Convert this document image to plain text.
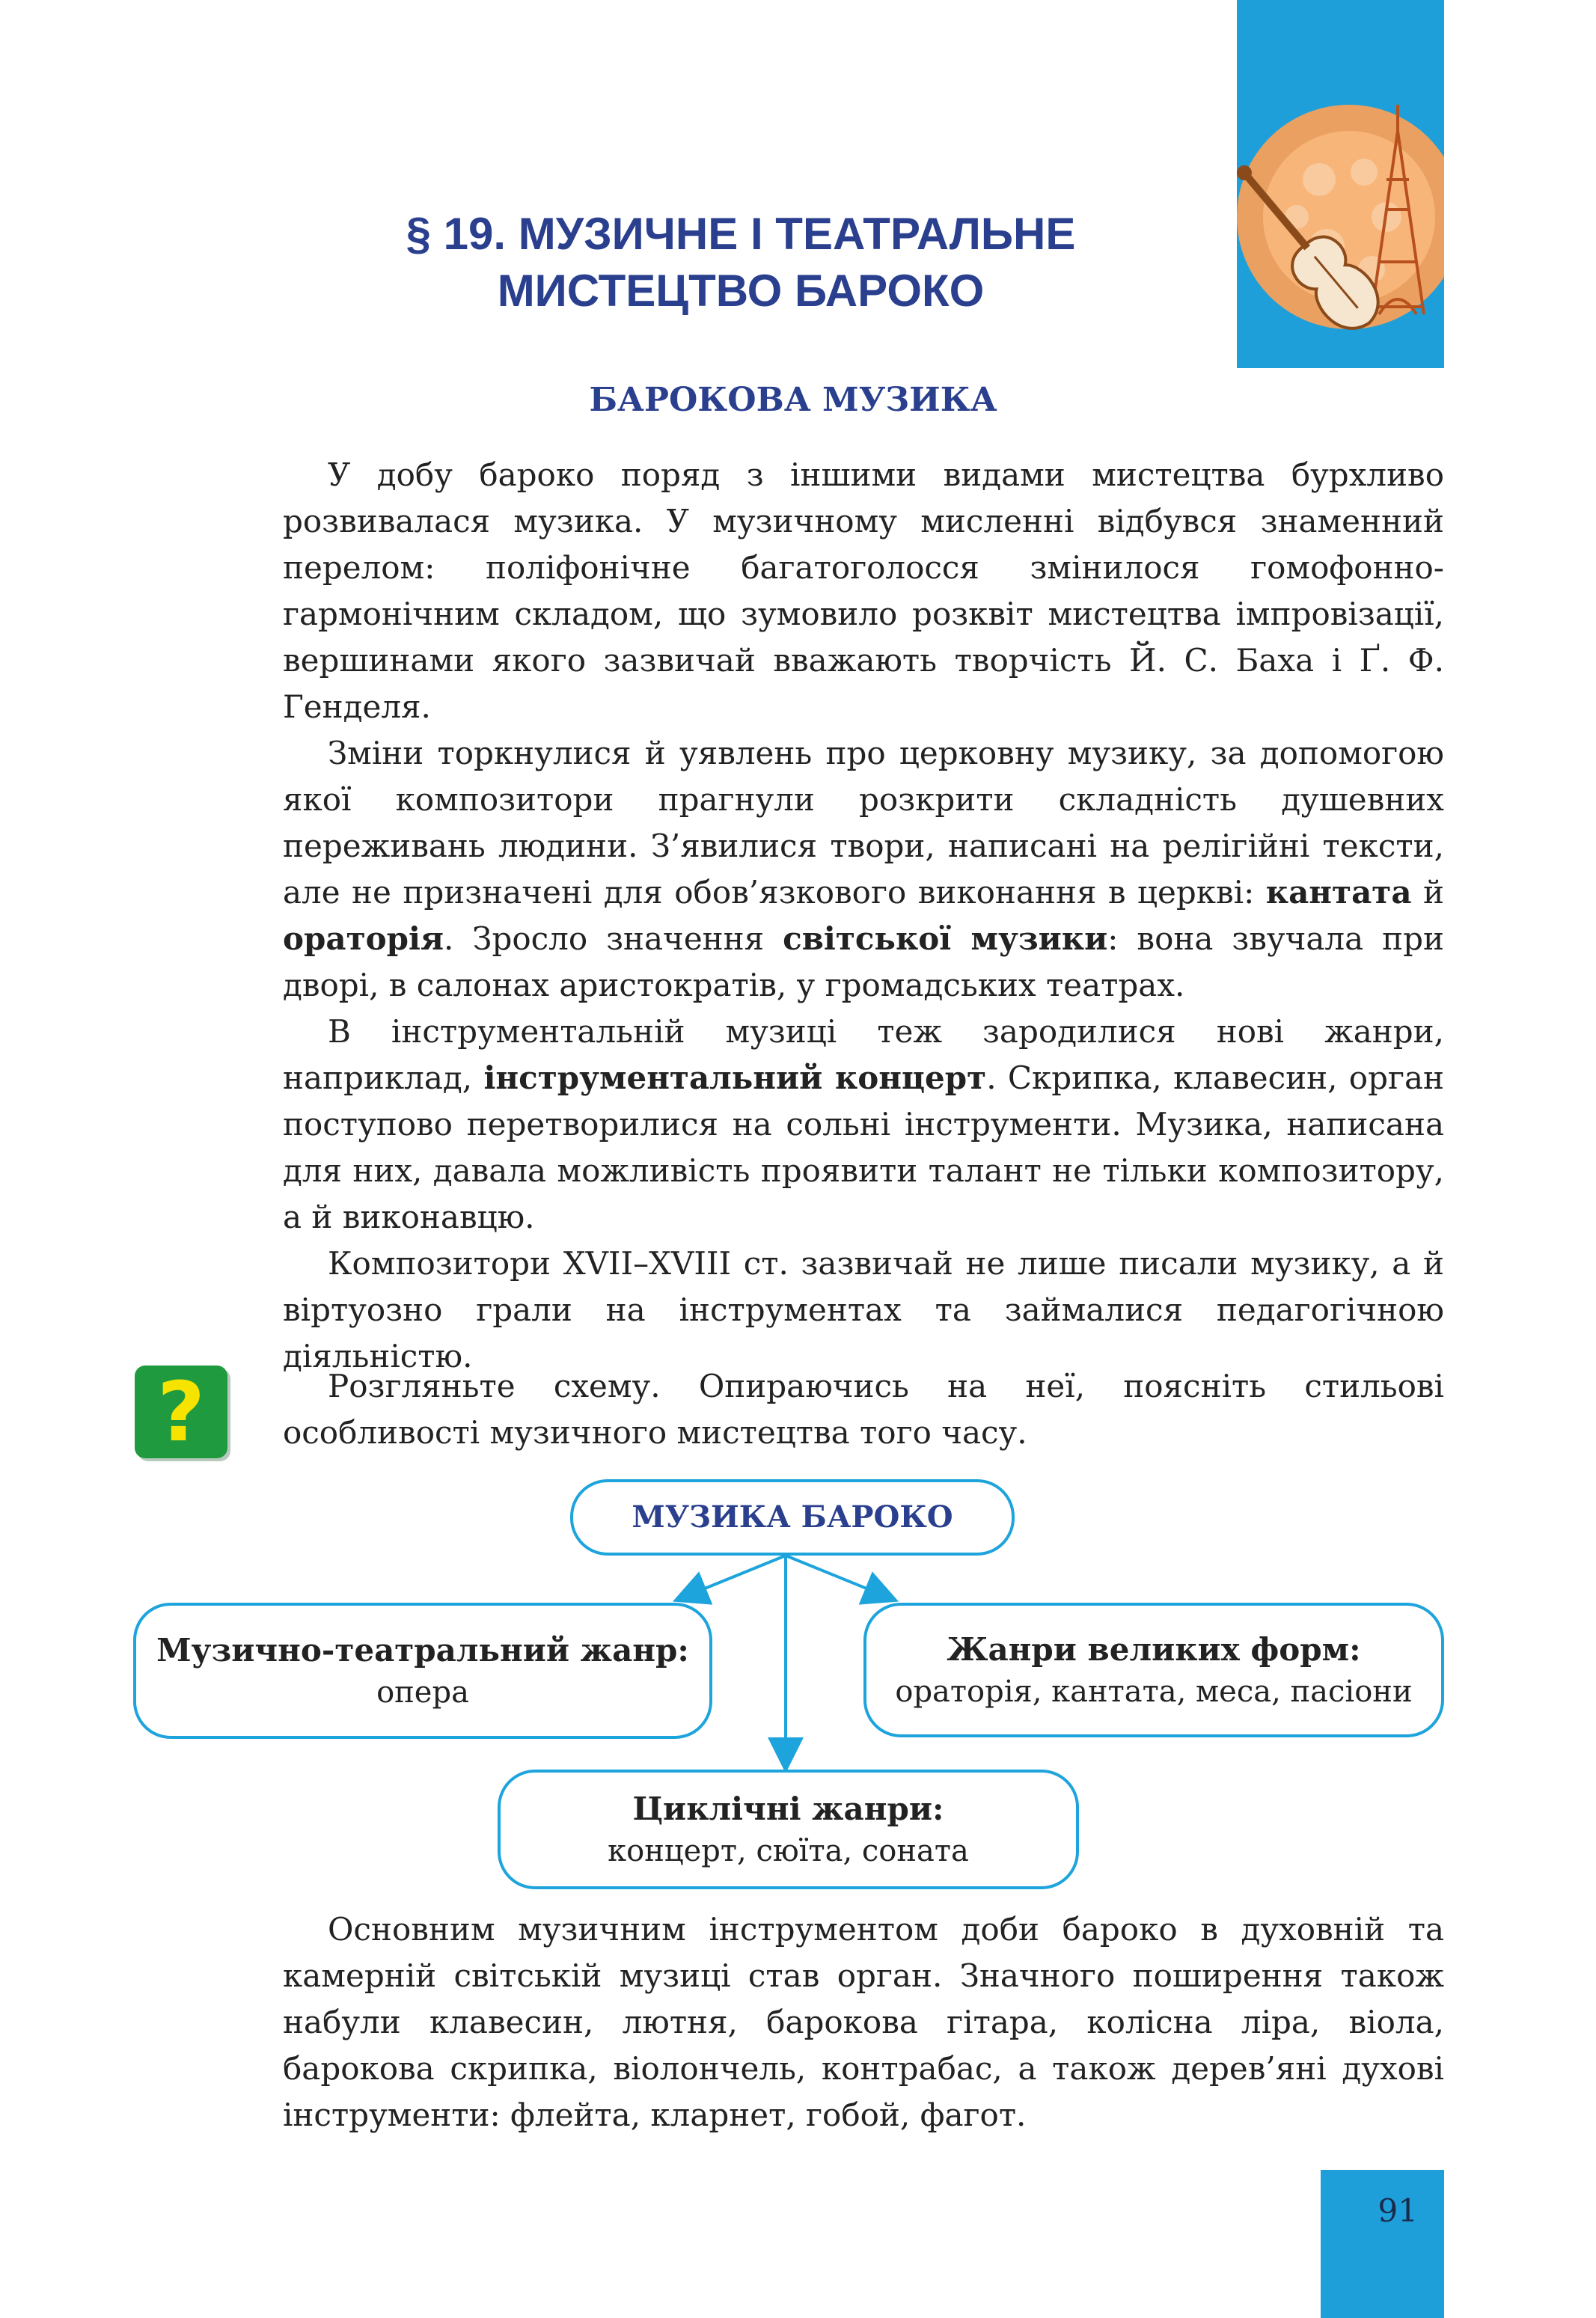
§ 19. МУЗИЧНЕ І ТЕАТРАЛЬНЕ
МИСТЕЦТВО БАРОКО
БАРОКОВА МУЗИКА

У добу бароко поряд з іншими видами мистецтва бурхливо розвивалася музика. У музичному мисленні відбувся знаменний перелом: поліфонічне багатоголосся змінилося гомофонно-гармонічним складом, що зумовило розквіт мистецтва імпровізації, вершинами якого зазвичай вважають творчість Й. С. Баха і Ґ. Ф. Генделя.

Зміни торкнулися й уявлень про церковну музику, за допомогою якої композитори прагнули розкрити складність душевних переживань людини. З’явилися твори, написані на релігійні тексти, але не призначені для обов’язкового виконання в церкві: кантата й ораторія. Зросло значення світської музики: вона звучала при дворі, в салонах аристократів, у громадських театрах.

В інструментальній музиці теж зародилися нові жанри, наприклад, інструментальний концерт. Скрипка, клавесин, орган поступово перетворилися на сольні інструменти. Музика, написана для них, давала можливість проявити талант не тільки композитору, а й виконавцю.

Композитори XVII–XVIII ст. зазвичай не лише писали музику, а й віртуозно грали на інструментах та займалися педагогічною діяльністю.

?	Розгляньте схему. Опираючись на неї, поясніть стильові особливості музичного мистецтва того часу.

МУЗИКА БАРОКО
Музично-театральний жанр:
опера
Жанри великих форм:
ораторія, кантата, меса, пасіони
Циклічні жанри:
концерт, сюїта, соната

Основним музичним інструментом доби бароко в духовній та камерній світській музиці став орган. Значного поширення також набули клавесин, лютня, барокова гітара, колісна ліра, віола, барокова скрипка, віолончель, контрабас, а також дерев’яні духові інструменти: флейта, кларнет, гобой, фагот.

91
